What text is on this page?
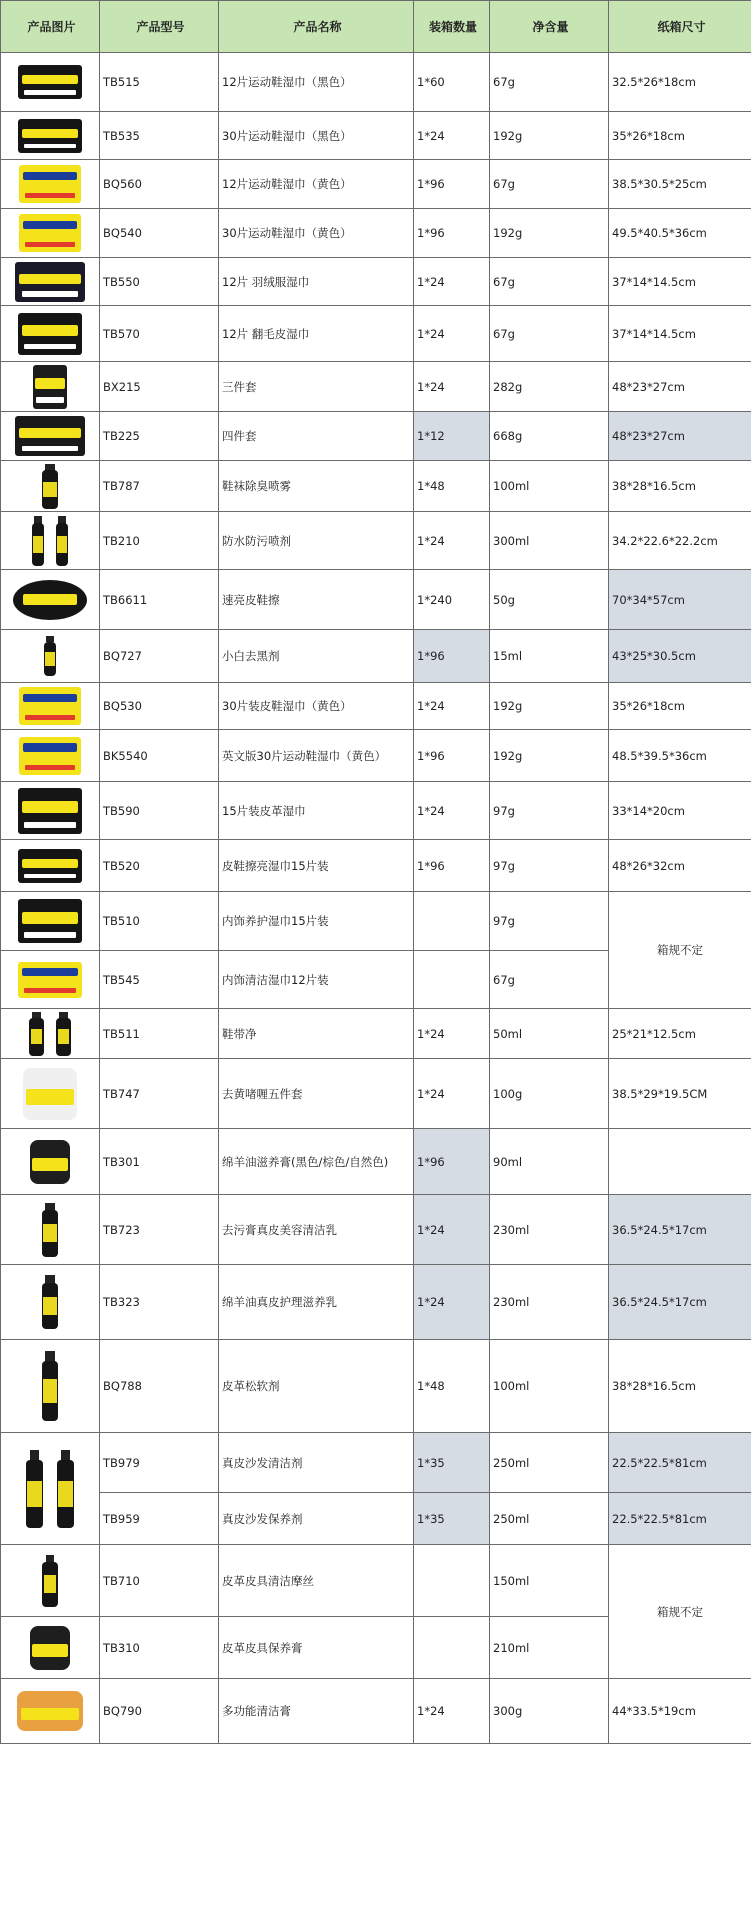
产品图片	产品型号	产品名称	装箱数量	净含量	纸箱尺寸

	TB515	12片运动鞋湿巾（黑色）	1*60	67g	32.5*26*18cm

	TB535	30片运动鞋湿巾（黑色）	1*24	192g	35*26*18cm

	BQ560	12片运动鞋湿巾（黄色）	1*96	67g	38.5*30.5*25cm

	BQ540	30片运动鞋湿巾（黄色）	1*96	192g	49.5*40.5*36cm

	TB550	12片 羽绒服湿巾	1*24	67g	37*14*14.5cm

	TB570	12片 翻毛皮湿巾	1*24	67g	37*14*14.5cm

	BX215	三件套	1*24	282g	48*23*27cm

	TB225	四件套	1*12	668g	48*23*27cm

	TB787	鞋袜除臭喷雾	1*48	100ml	38*28*16.5cm

	TB210	防水防污喷剂	1*24	300ml	34.2*22.6*22.2cm

	TB6611	速亮皮鞋擦	1*240	50g	70*34*57cm

	BQ727	小白去黑剂	1*96	15ml	43*25*30.5cm

	BQ530	30片装皮鞋湿巾（黄色）	1*24	192g	35*26*18cm

	BK5540	英文版30片运动鞋湿巾（黄色）	1*96	192g	48.5*39.5*36cm

	TB590	15片装皮革湿巾	1*24	97g	33*14*20cm

	TB520	皮鞋擦亮湿巾15片装	1*96	97g	48*26*32cm

	TB510	内饰养护湿巾15片装		97g	箱规不定

	TB545	内饰清洁湿巾12片装		67g	

	TB511	鞋带净	1*24	50ml	25*21*12.5cm

	TB747	去黄啫喱五件套	1*24	100g	38.5*29*19.5CM

	TB301	绵羊油滋养膏(黑色/棕色/自然色)	1*96	90ml	

	TB723	去污膏真皮美容清洁乳	1*24	230ml	36.5*24.5*17cm

	TB323	绵羊油真皮护理滋养乳	1*24	230ml	36.5*24.5*17cm

	BQ788	皮革松软剂	1*48	100ml	38*28*16.5cm

	TB979	真皮沙发清洁剂	1*35	250ml	22.5*22.5*81cm
	TB959	真皮沙发保养剂	1*35	250ml	22.5*22.5*81cm

	TB710	皮革皮具清洁摩丝		150ml	箱规不定

	TB310	皮革皮具保养膏		210ml	

	BQ790	多功能清洁膏	1*24	300g	44*33.5*19cm
